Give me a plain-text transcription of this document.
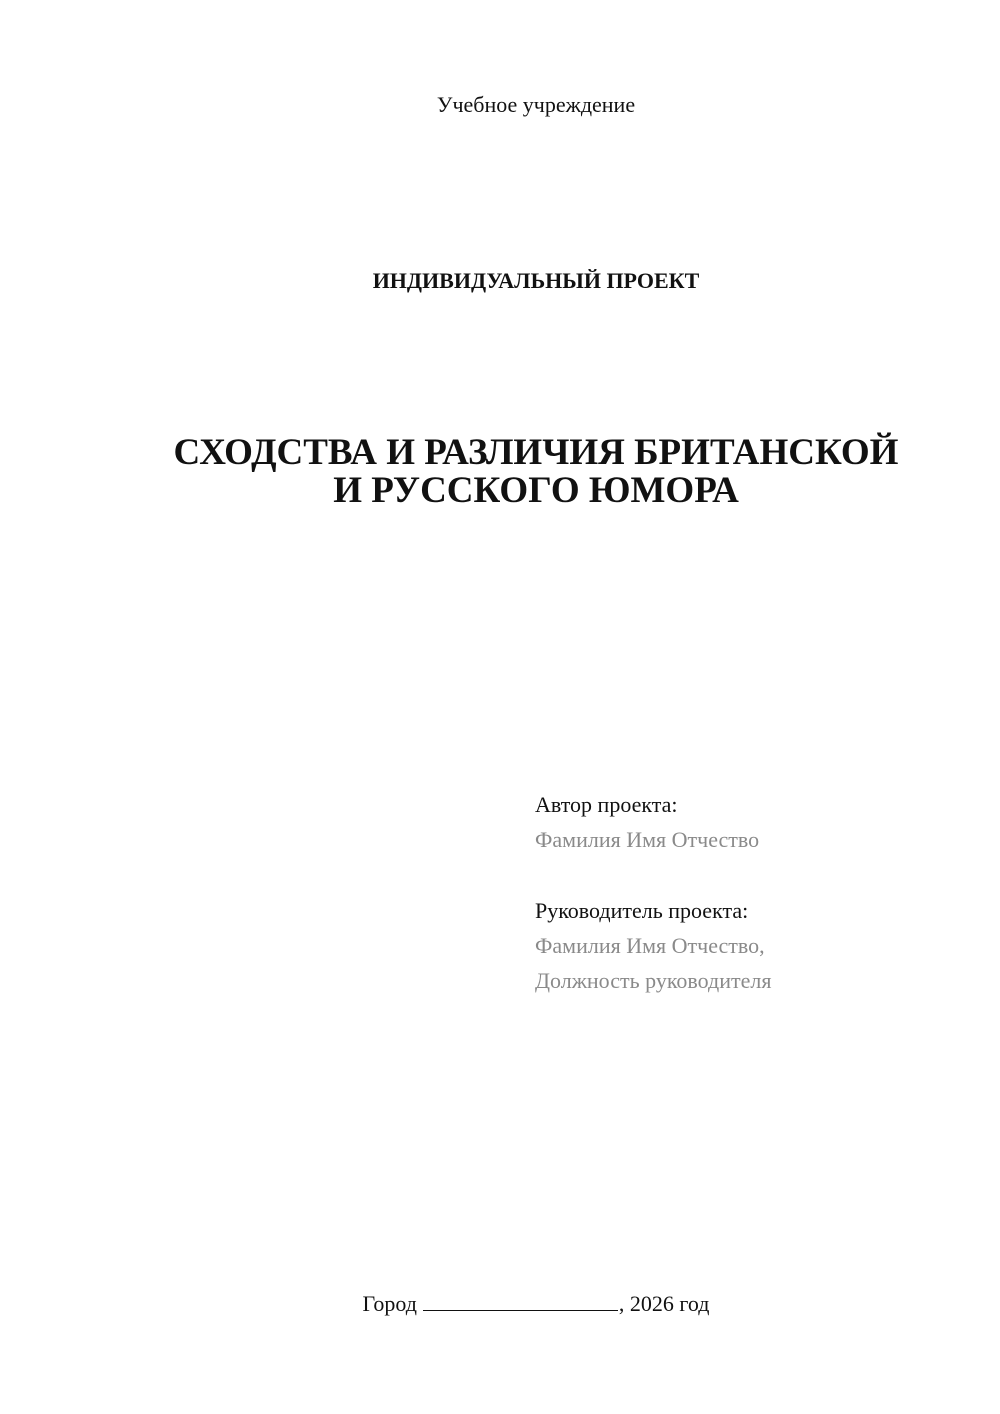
Учебное учреждение
ИНДИВИДУАЛЬНЫЙ ПРОЕКТ
СХОДСТВА И РАЗЛИЧИЯ БРИТАНСКОЙ
И РУССКОГО ЮМОРА
Автор проекта:
Фамилия Имя Отчество
Руководитель проекта:
Фамилия Имя Отчество,
Должность руководителя
Город	, 2026 год
